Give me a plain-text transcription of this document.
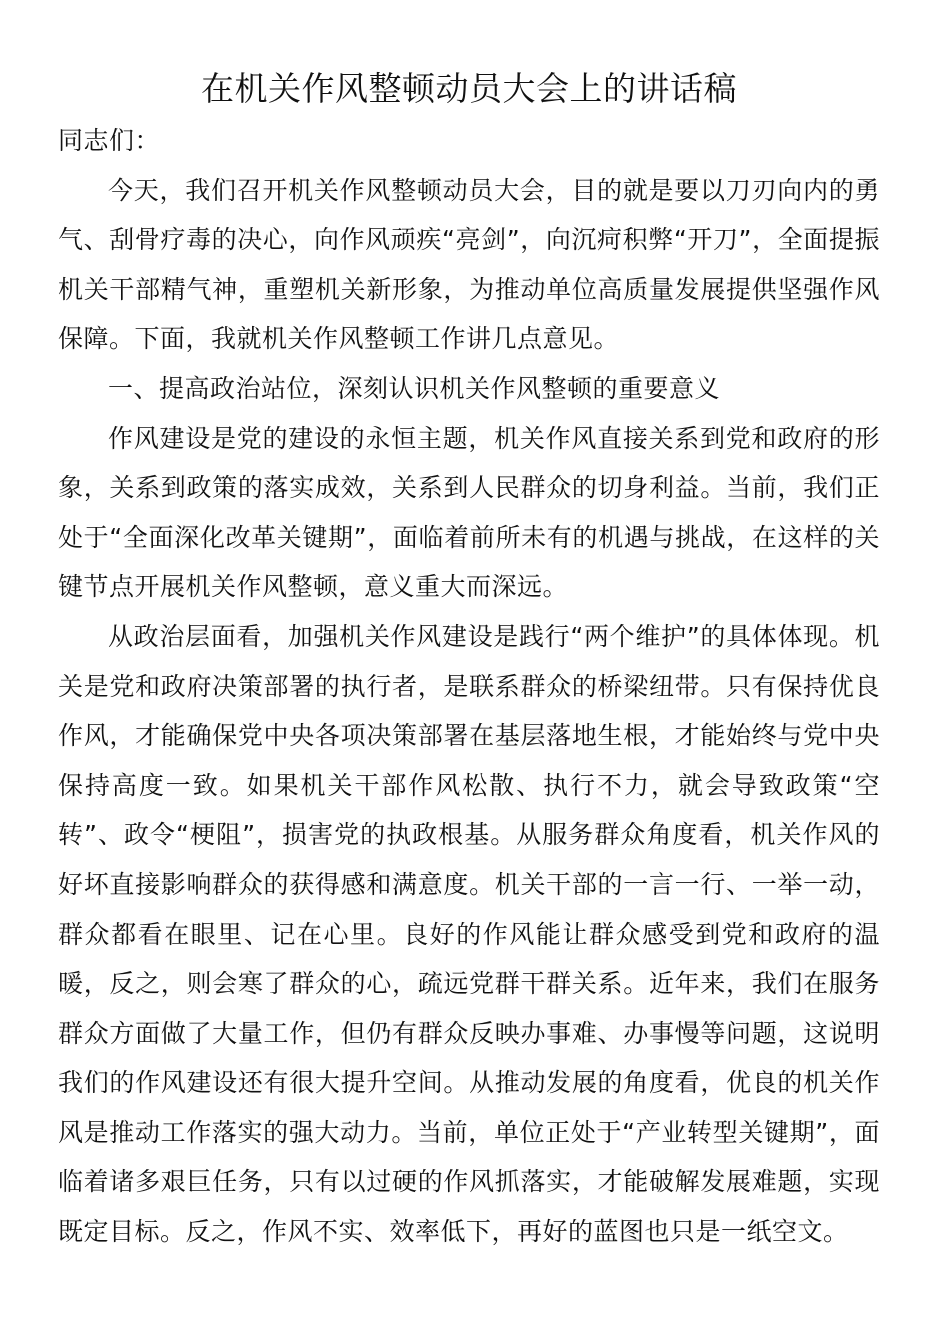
在机关作风整顿动员大会上的讲话稿

同志们：

今天，我们召开机关作风整顿动员大会，目的就是要以刀刃向内的勇气、刮骨疗毒的决心，向作风顽疾“亮剑”，向沉疴积弊“开刀”，全面提振机关干部精气神，重塑机关新形象，为推动单位高质量发展提供坚强作风保障。下面，我就机关作风整顿工作讲几点意见。

一、提高政治站位，深刻认识机关作风整顿的重要意义

作风建设是党的建设的永恒主题，机关作风直接关系到党和政府的形象，关系到政策的落实成效，关系到人民群众的切身利益。当前，我们正处于“全面深化改革关键期”，面临着前所未有的机遇与挑战，在这样的关键节点开展机关作风整顿，意义重大而深远。

从政治层面看，加强机关作风建设是践行“两个维护”的具体体现。机关是党和政府决策部署的执行者，是联系群众的桥梁纽带。只有保持优良作风，才能确保党中央各项决策部署在基层落地生根，才能始终与党中央保持高度一致。如果机关干部作风松散、执行不力，就会导致政策“空转”、政令“梗阻”，损害党的执政根基。从服务群众角度看，机关作风的好坏直接影响群众的获得感和满意度。机关干部的一言一行、一举一动，群众都看在眼里、记在心里。良好的作风能让群众感受到党和政府的温暖，反之，则会寒了群众的心，疏远党群干群关系。近年来，我们在服务群众方面做了大量工作，但仍有群众反映办事难、办事慢等问题，这说明我们的作风建设还有很大提升空间。从推动发展的角度看，优良的机关作风是推动工作落实的强大动力。当前，单位正处于“产业转型关键期”，面临着诸多艰巨任务，只有以过硬的作风抓落实，才能破解发展难题，实现既定目标。反之，作风不实、效率低下，再好的蓝图也只是一纸空文。
